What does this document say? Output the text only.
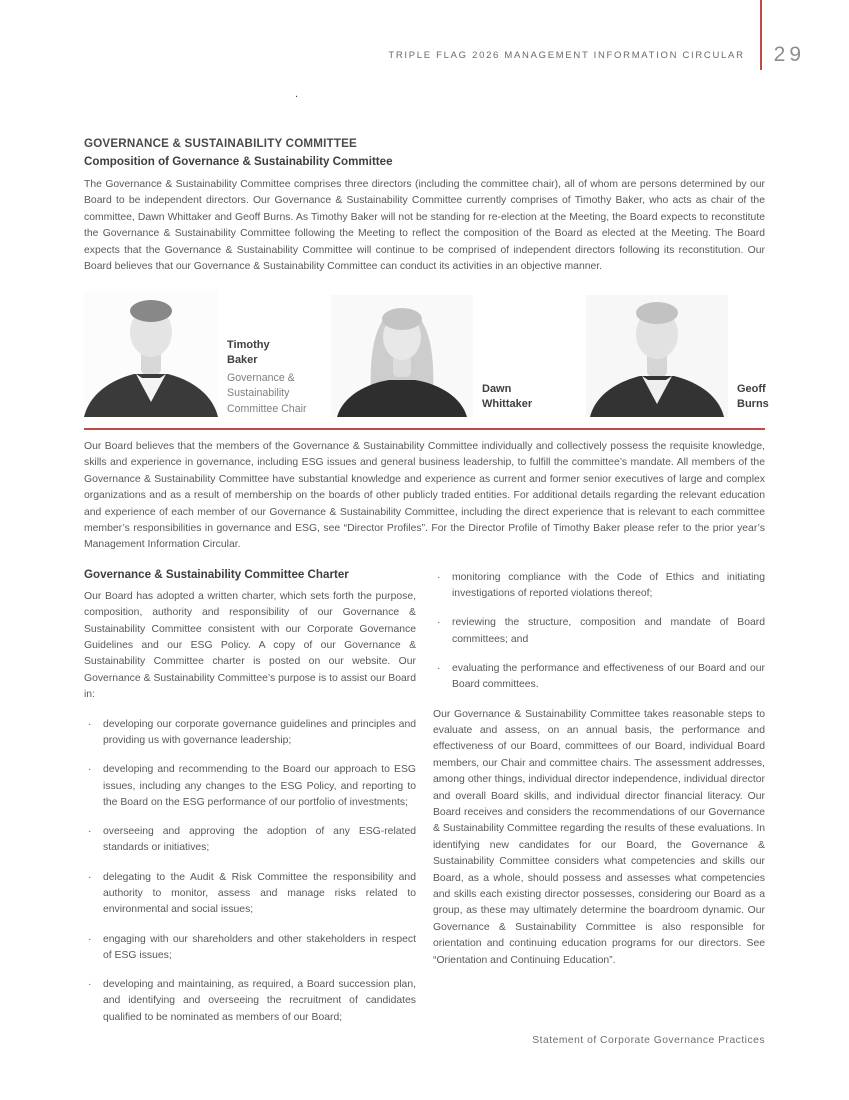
TRIPLE FLAG 2026 MANAGEMENT INFORMATION CIRCULAR 29
.
GOVERNANCE & SUSTAINABILITY COMMITTEE
Composition of Governance & Sustainability Committee

The Governance & Sustainability Committee comprises three directors (including the committee chair), all of whom are persons determined by our Board to be independent directors. Our Governance & Sustainability Committee currently comprises of Timothy Baker, who acts as chair of the committee, Dawn Whittaker and Geoff Burns. As Timothy Baker will not be standing for re-election at the Meeting, the Board expects to reconstitute the Governance & Sustainability Committee following the Meeting to reflect the composition of the Board as elected at the Meeting. The Board expects that the Governance & Sustainability Committee will continue to be comprised of independent directors following its reconstitution. Our Board believes that our Governance & Sustainability Committee can conduct its activities in an objective manner.

Timothy
Baker
Governance & Sustainability Committee Chair
Dawn
Whittaker
Geoff
Burns

Our Board believes that the members of the Governance & Sustainability Committee individually and collectively possess the requisite knowledge, skills and experience in governance, including ESG issues and general business leadership, to fulfill the committee’s mandate. All members of the Governance & Sustainability Committee have substantial knowledge and experience as current and former senior executives of large and complex organizations and as a result of membership on the boards of other publicly traded entities. For additional details regarding the relevant education and experience of each member of our Governance & Sustainability Committee, including the direct experience that is relevant to each committee member’s responsibilities in governance and ESG, see “Director Profiles”. For the Director Profile of Timothy Baker please refer to the prior year’s Management Information Circular.

Governance & Sustainability Committee Charter

Our Board has adopted a written charter, which sets forth the purpose, composition, authority and responsibility of our Governance & Sustainability Committee consistent with our Corporate Governance Guidelines and our ESG Policy. A copy of our Governance & Sustainability Committee charter is posted on our website. Our Governance & Sustainability Committee’s purpose is to assist our Board in:

·	developing our corporate governance guidelines and principles and providing us with governance leadership;
·	developing and recommending to the Board our approach to ESG issues, including any changes to the ESG Policy, and reporting to the Board on the ESG performance of our portfolio of investments;
·	overseeing and approving the adoption of any ESG-related standards or initiatives;
·	delegating to the Audit & Risk Committee the responsibility and authority to monitor, assess and manage risks related to environmental and social issues;
·	engaging with our shareholders and other stakeholders in respect of ESG issues;
·	developing and maintaining, as required, a Board succession plan, and identifying and overseeing the recruitment of candidates qualified to be nominated as members of our Board;
·	monitoring compliance with the Code of Ethics and initiating investigations of reported violations thereof;
·	reviewing the structure, composition and mandate of Board committees; and
·	evaluating the performance and effectiveness of our Board and our Board committees.

Our Governance & Sustainability Committee takes reasonable steps to evaluate and assess, on an annual basis, the performance and effectiveness of our Board, committees of our Board, individual Board members, our Chair and committee chairs. The assessment addresses, among other things, individual director independence, individual director and overall Board skills, and individual director financial literacy. Our Board receives and considers the recommendations of our Governance & Sustainability Committee regarding the results of these evaluations. In identifying new candidates for our Board, the Governance & Sustainability Committee considers what competencies and skills our Board, as a whole, should possess and assesses what competencies and skills each existing director possesses, considering our Board as a group, as these may ultimately determine the boardroom dynamic. Our Governance & Sustainability Committee is also responsible for orientation and continuing education programs for our directors. See “Orientation and Continuing Education”.

Statement of Corporate Governance Practices
